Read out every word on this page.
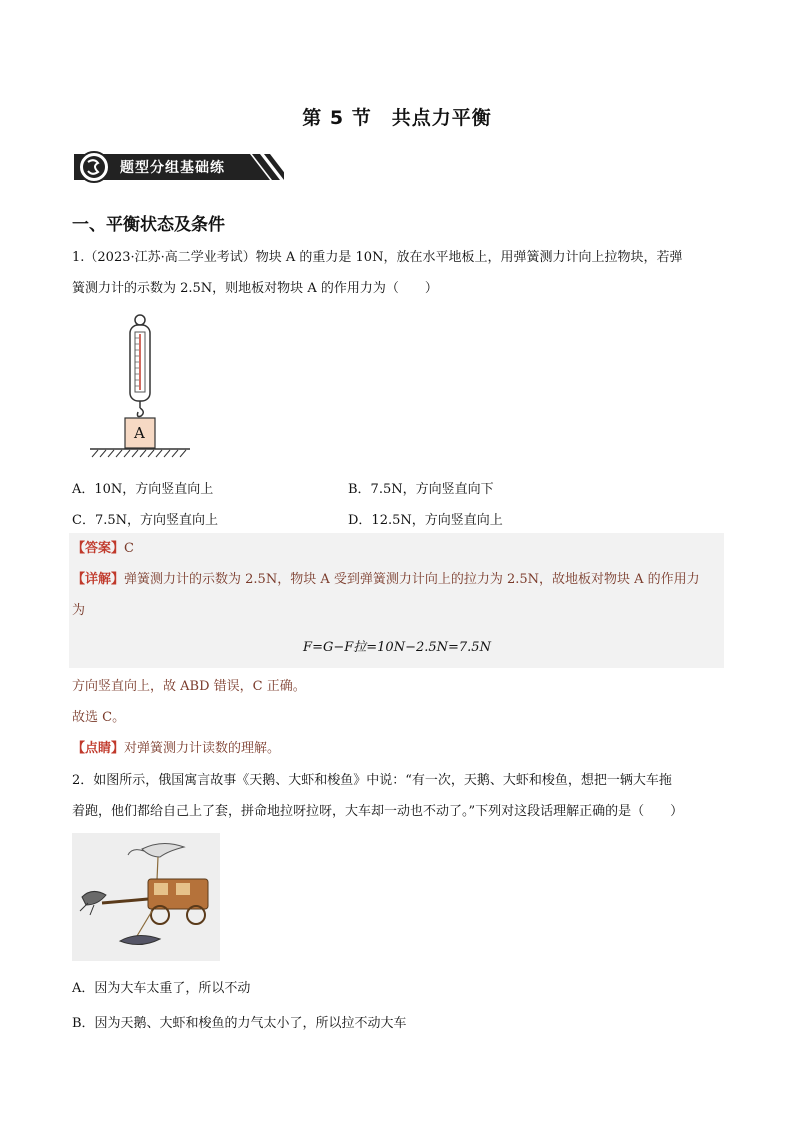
第 5 节　共点力平衡
题型分组基础练
一、平衡状态及条件
1.（2023·江苏·高二学业考试）物块 A 的重力是 10N，放在水平地板上，用弹簧测力计向上拉物块，若弹
簧测力计的示数为 2.5N，则地板对物块 A 的作用力为（　　）
A
A．10N，方向竖直向上	B．7.5N，方向竖直向下
C．7.5N，方向竖直向上	D．12.5N，方向竖直向上
【答案】C
【详解】弹簧测力计的示数为 2.5N，物块 A 受到弹簧测力计向上的拉力为 2.5N，故地板对物块 A 的作用力
为
F=G−F拉=10N−2.5N=7.5N
方向竖直向上，故 ABD 错误，C 正确。
故选 C。
【点睛】对弹簧测力计读数的理解。
2．如图所示，俄国寓言故事《天鹅、大虾和梭鱼》中说：“有一次，天鹅、大虾和梭鱼，想把一辆大车拖
着跑，他们都给自己上了套，拼命地拉呀拉呀，大车却一动也不动了。”下列对这段话理解正确的是（　　）
A．因为大车太重了，所以不动
B．因为天鹅、大虾和梭鱼的力气太小了，所以拉不动大车
